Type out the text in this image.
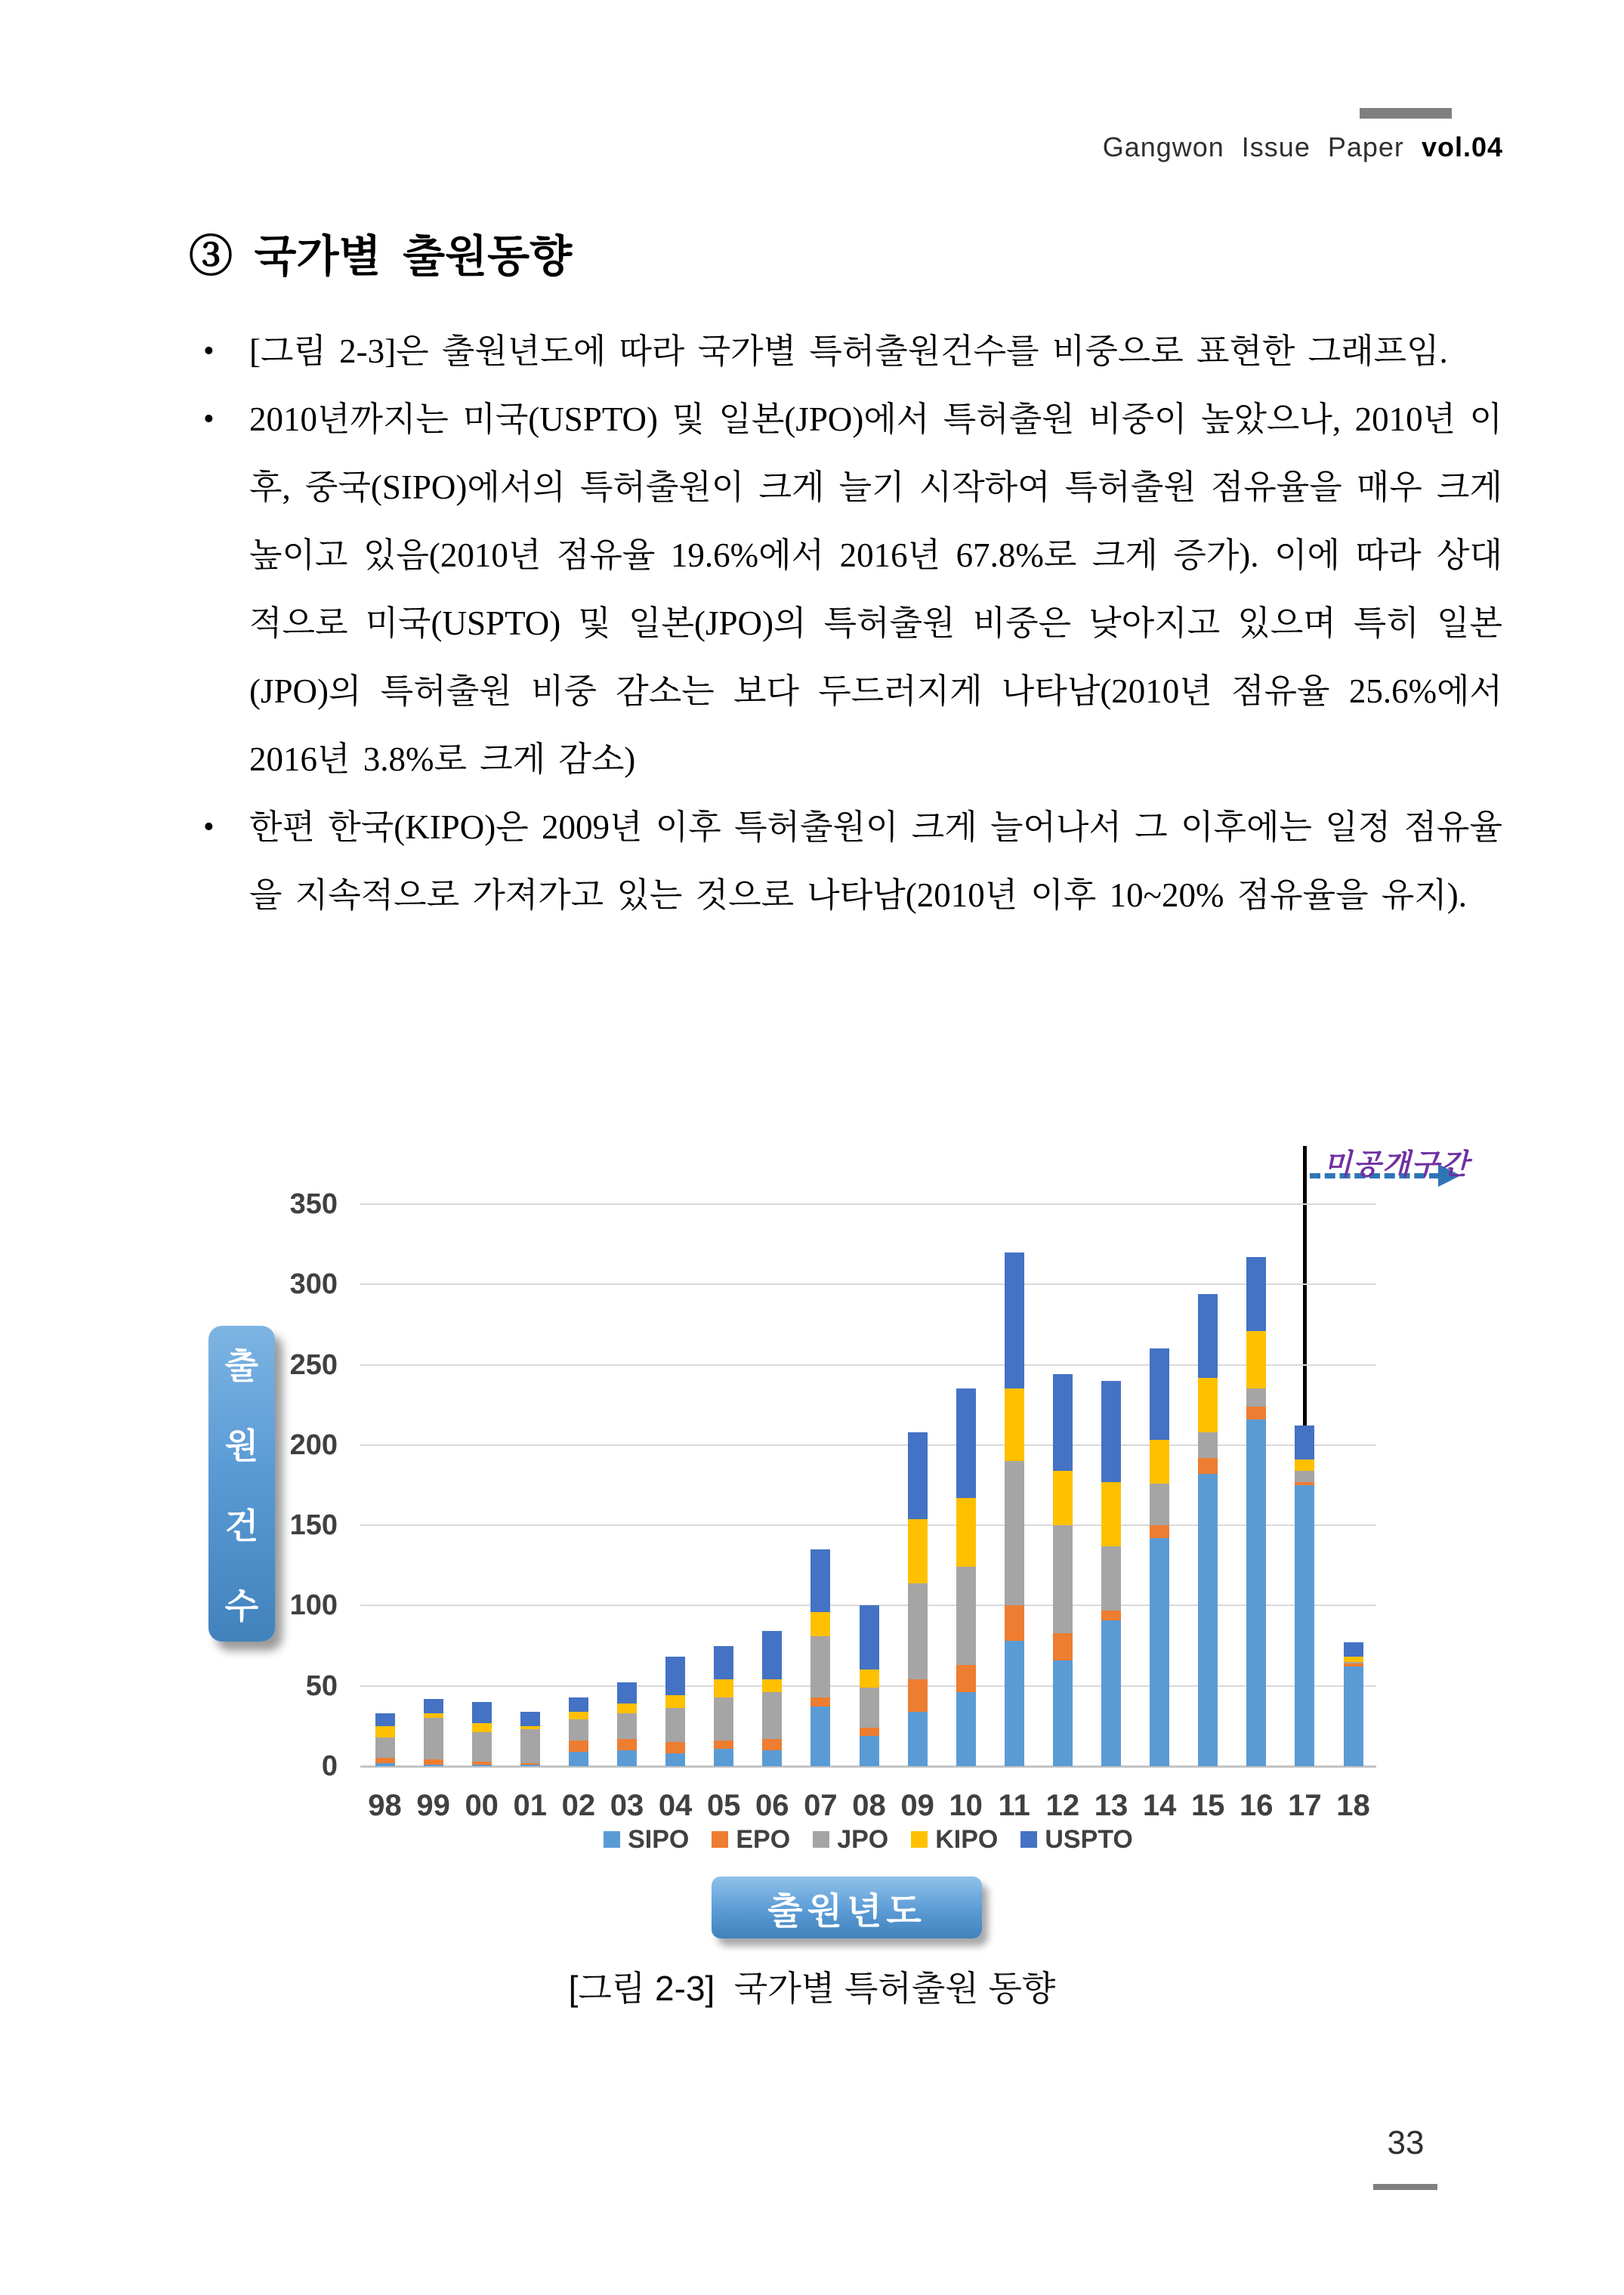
Gangwon Issue Paper vol.04
③ 국가별 출원동향
• [그림 2-3]은 출원년도에 따라 국가별 특허출원건수를 비중으로 표현한 그래프임.
• 2010년까지는 미국(USPTO) 및 일본(JPO)에서 특허출원 비중이 높았으나, 2010년 이후, 중국(SIPO)에서의 특허출원이 크게 늘기 시작하여 특허출원 점유율을 매우 크게 높이고 있음(2010년 점유율 19.6%에서 2016년 67.8%로 크게 증가). 이에 따라 상대적으로 미국(USPTO) 및 일본(JPO)의 특허출원 비중은 낮아지고 있으며 특히 일본(JPO)의 특허출원 비중 감소는 보다 두드러지게 나타남(2010년 점유율 25.6%에서 2016년 3.8%로 크게 감소)
• 한편 한국(KIPO)은 2009년 이후 특허출원이 크게 늘어나서 그 이후에는 일정 점유율을 지속적으로 가져가고 있는 것으로 나타남(2010년 이후 10~20% 점유율을 유지).
출
원
건
수
출원년도
SIPO EPO JPO KIPO USPTO
미공개구간
0
50
100
150
200
250
300
350
98 99 00 01 02 03 04 05 06 07 08 09 10 11 12 13 14 15 16 17 18
[그림 2-3]  국가별 특허출원 동향
33
